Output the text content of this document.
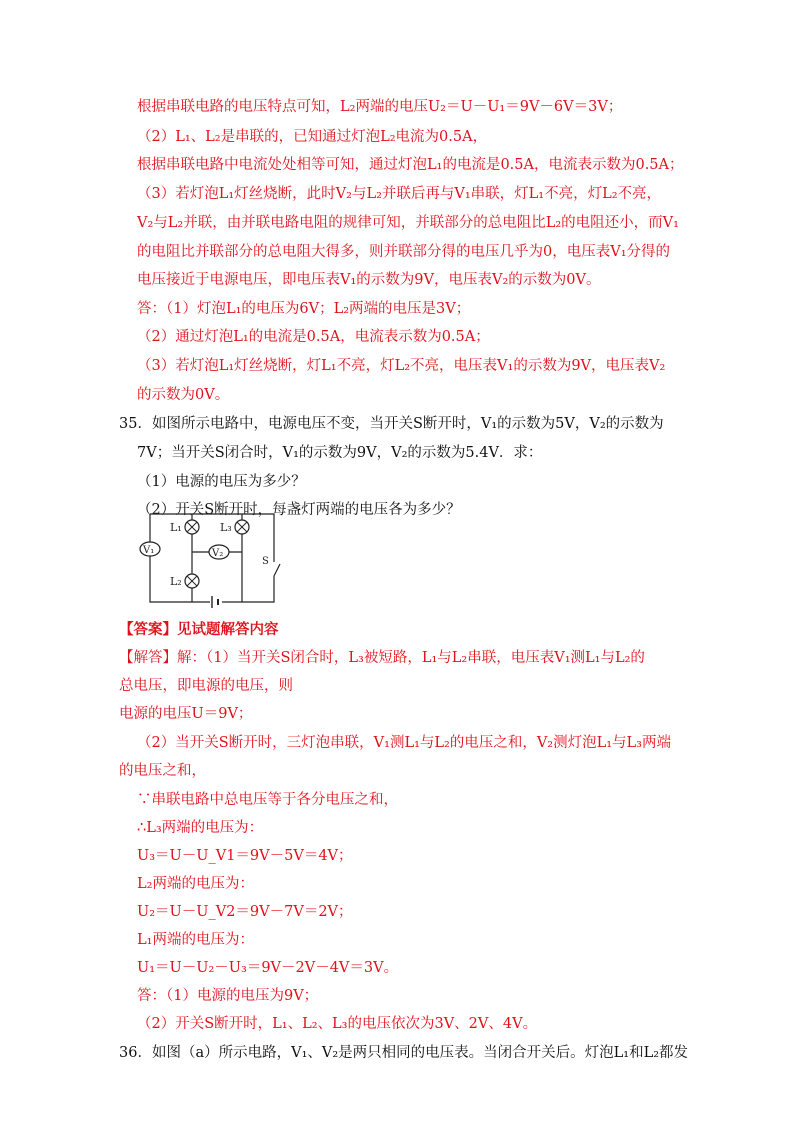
根据串联电路的电压特点可知，L₂两端的电压U₂＝U－U₁＝9V－6V＝3V；
（2）L₁、L₂是串联的，已知通过灯泡L₂电流为0.5A，
根据串联电路中电流处处相等可知，通过灯泡L₁的电流是0.5A，电流表示数为0.5A；
（3）若灯泡L₁灯丝烧断，此时V₂与L₂并联后再与V₁串联，灯L₁不亮，灯L₂不亮，
V₂与L₂并联，由并联电路电阻的规律可知，并联部分的总电阻比L₂的电阻还小，而V₁
的电阻比并联部分的总电阻大得多，则并联部分得的电压几乎为0，电压表V₁分得的
电压接近于电源电压，即电压表V₁的示数为9V，电压表V₂的示数为0V。
答：（1）灯泡L₁的电压为6V；L₂两端的电压是3V；
（2）通过灯泡L₁的电流是0.5A，电流表示数为0.5A；
（3）若灯泡L₁灯丝烧断，灯L₁不亮，灯L₂不亮，电压表V₁的示数为9V，电压表V₂
的示数为0V。
35．如图所示电路中，电源电压不变，当开关S断开时，V₁的示数为5V，V₂的示数为
7V；当开关S闭合时，V₁的示数为9V，V₂的示数为5.4V．求：
（1）电源的电压为多少？
（2）开关S断开时，每盏灯两端的电压各为多少？
L₁	L₃
L₂
V₁	V₂
S
【答案】见试题解答内容
【解答】解：（1）当开关S闭合时，L₃被短路，L₁与L₂串联，电压表V₁测L₁与L₂的
总电压，即电源的电压，则
电源的电压U＝9V；
（2）当开关S断开时，三灯泡串联，V₁测L₁与L₂的电压之和，V₂测灯泡L₁与L₃两端
的电压之和，
∵串联电路中总电压等于各分电压之和，
∴L₃两端的电压为：
U₃＝U－U_V1＝9V－5V＝4V；
L₂两端的电压为：
U₂＝U－U_V2＝9V－7V＝2V；
L₁两端的电压为：
U₁＝U－U₂－U₃＝9V－2V－4V＝3V。
答：（1）电源的电压为9V；
（2）开关S断开时，L₁、L₂、L₃的电压依次为3V、2V、4V。
36．如图（a）所示电路，V₁、V₂是两只相同的电压表。当闭合开关后。灯泡L₁和L₂都发
